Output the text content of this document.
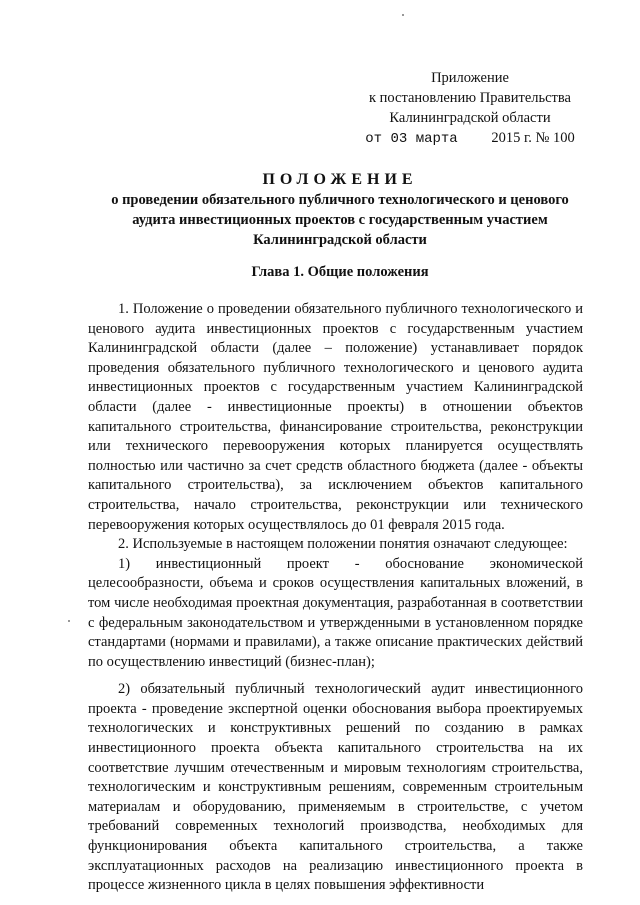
Приложение
к постановлению Правительства
Калининградской области
от 03 марта 2015 г. № 100
ПОЛОЖЕНИЕ
о проведении обязательного публичного технологического и ценового
аудита инвестиционных проектов с государственным участием
Калининградской области
Глава 1. Общие положения

1. Положение о проведении обязательного публичного технологического и ценового аудита инвестиционных проектов с государственным участием Калининградской области (далее – положение) устанавливает порядок проведения обязательного публичного технологического и ценового аудита инвестиционных проектов с государственным участием Калининградской области (далее - инвестиционные проекты) в отношении объектов капитального строительства, финансирование строительства, реконструкции или технического перевооружения которых планируется осуществлять полностью или частично за счет средств областного бюджета (далее - объекты капитального строительства), за исключением объектов капитального строительства, начало строительства, реконструкции или технического перевооружения которых осуществлялось до 01 февраля 2015 года.

2. Используемые в настоящем положении понятия означают следующее:

1) инвестиционный проект - обоснование экономической целесообразности, объема и сроков осуществления капитальных вложений, в том числе необходимая проектная документация, разработанная в соответствии с федеральным законодательством и утвержденными в установленном порядке стандартами (нормами и правилами), а также описание практических действий по осуществлению инвестиций (бизнес-план);

2) обязательный публичный технологический аудит инвестиционного проекта - проведение экспертной оценки обоснования выбора проектируемых технологических и конструктивных решений по созданию в рамках инвестиционного проекта объекта капитального строительства на их соответствие лучшим отечественным и мировым технологиям строительства, технологическим и конструктивным решениям, современным строительным материалам и оборудованию, применяемым в строительстве, с учетом требований современных технологий производства, необходимых для функционирования объекта капитального строительства, а также эксплуатационных расходов на реализацию инвестиционного проекта в процессе жизненного цикла в целях повышения эффективности
